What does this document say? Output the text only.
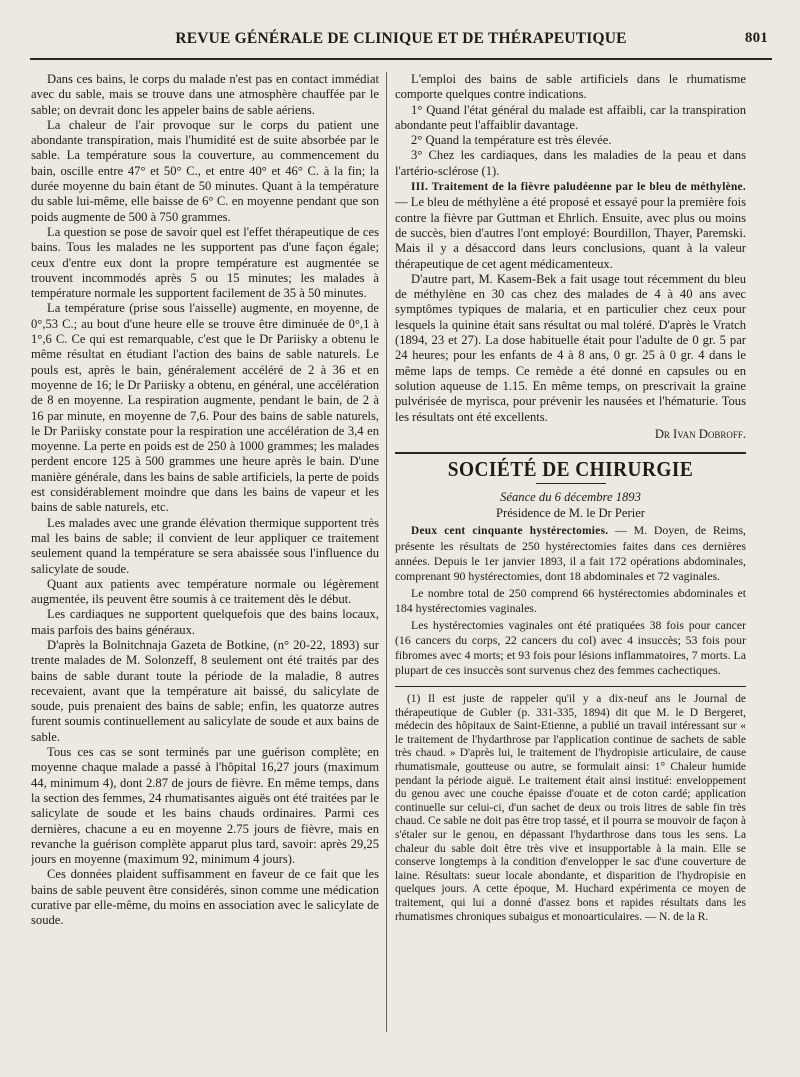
REVUE GÉNÉRALE DE CLINIQUE ET DE THÉRAPEUTIQUE	801

Dans ces bains, le corps du malade n'est pas en contact immédiat avec du sable, mais se trouve dans une atmosphère chauffée par le sable; on devrait donc les appeler bains de sable aériens.

La chaleur de l'air provoque sur le corps du patient une abondante transpiration, mais l'humidité est de suite absorbée par le sable. La température sous la couverture, au commencement du bain, oscille entre 47° et 50° C., et entre 40° et 46° C. à la fin; la durée moyenne du bain étant de 50 minutes. Quant à la température du sable lui-même, elle baisse de 6° C. en moyenne pendant que son poids augmente de 500 à 750 grammes.

La question se pose de savoir quel est l'effet thérapeutique de ces bains. Tous les malades ne les supportent pas d'une façon égale; ceux d'entre eux dont la propre température est augmentée se trouvent incommodés après 5 ou 15 minutes; les malades à température normale les supportent facilement de 35 à 50 minutes.

La température (prise sous l'aisselle) augmente, en moyenne, de 0°,53 C.; au bout d'une heure elle se trouve être diminuée de 0°,1 à 1°,6 C. Ce qui est remarquable, c'est que le Dr Pariisky a obtenu le même résultat en étudiant l'action des bains de sable naturels. Le pouls est, après le bain, généralement accéléré de 2 à 36 et en moyenne de 16; le Dr Pariisky a obtenu, en général, une accélération de 8 en moyenne. La respiration augmente, pendant le bain, de 2 à 16 par minute, en moyenne de 7,6. Pour des bains de sable naturels, le Dr Pariisky constate pour la respiration une accélération de 3,4 en moyenne. La perte en poids est de 250 à 1000 grammes; les malades perdent encore 125 à 500 grammes une heure après le bain. D'une manière générale, dans les bains de sable artificiels, la perte de poids est considérablement moindre que dans les bains de vapeur et les bains de sable naturels, etc.

Les malades avec une grande élévation thermique supportent très mal les bains de sable; il convient de leur appliquer ce traitement seulement quand la température se sera abaissée sous l'influence du salicylate de soude.

Quant aux patients avec température normale ou légèrement augmentée, ils peuvent être soumis à ce traitement dès le début.

Les cardiaques ne supportent quelquefois que des bains locaux, mais parfois des bains généraux.

D'après la Bolnitchnaja Gazeta de Botkine, (n° 20-22, 1893) sur trente malades de M. Solonzeff, 8 seulement ont été traités par des bains de sable durant toute la période de la maladie, 8 autres recevaient, avant que la température ait baissé, du salicylate de soude, puis prenaient des bains de sable; enfin, les quatorze autres furent soumis continuellement au salicylate de soude et aux bains de sable.

Tous ces cas se sont terminés par une guérison complète; en moyenne chaque malade a passé à l'hôpital 16,27 jours (maximum 44, minimum 4), dont 2.87 de jours de fièvre. En même temps, dans la section des femmes, 24 rhumatisantes aiguës ont été traitées par le salicylate de soude et les bains chauds ordinaires. Parmi ces dernières, chacune a eu en moyenne 2.75 jours de fièvre, mais en revanche la guérison complète apparut plus tard, savoir: après 29,25 jours en moyenne (maximum 92, minimum 4 jours).

Ces données plaident suffisamment en faveur de ce fait que les bains de sable peuvent être considérés, sinon comme une médication curative par elle-même, du moins en association avec le salicylate de soude.

L'emploi des bains de sable artificiels dans le rhumatisme comporte quelques contre indications.

1° Quand l'état général du malade est affaibli, car la transpiration abondante peut l'affaiblir davantage.

2° Quand la température est très élevée.

3° Chez les cardiaques, dans les maladies de la peau et dans l'artério-sclérose (1).

III. Traitement de la fièvre paludéenne par le bleu de méthylène. — Le bleu de méthylène a été proposé et essayé pour la première fois contre la fièvre par Guttman et Ehrlich. Ensuite, avec plus ou moins de succès, bien d'autres l'ont employé: Bourdillon, Thayer, Paremski. Mais il y a désaccord dans leurs conclusions, quant à la valeur thérapeutique de cet agent médicamenteux.

D'autre part, M. Kasem-Bek a fait usage tout récemment du bleu de méthylène en 30 cas chez des malades de 4 à 40 ans avec symptômes typiques de malaria, et en particulier chez ceux pour lesquels la quinine était sans résultat ou mal toléré. D'après le Vratch (1894, 23 et 27). La dose habituelle était pour l'adulte de 0 gr. 5 par 24 heures; pour les enfants de 4 à 8 ans, 0 gr. 25 à 0 gr. 4 dans le même laps de temps. Ce remède a été donné en capsules ou en solution aqueuse de 1.15. En même temps, on prescrivait la graine pulvérisée de myrisca, pour prévenir les nausées et l'hématurie. Tous les résultats ont été excellents.

Dr Ivan Dobroff.

SOCIÉTÉ DE CHIRURGIE

Séance du 6 décembre 1893

Présidence de M. le Dr Perier

Deux cent cinquante hystérectomies. — M. Doyen, de Reims, présente les résultats de 250 hystérectomies faites dans ces dernières années. Depuis le 1er janvier 1893, il a fait 172 opérations abdominales, comprenant 90 hystérectomies, dont 18 abdominales et 72 vaginales.

Le nombre total de 250 comprend 66 hystérectomies abdominales et 184 hystérectomies vaginales.

Les hystérectomies vaginales ont été pratiquées 38 fois pour cancer (16 cancers du corps, 22 cancers du col) avec 4 insuccès; 53 fois pour fibromes avec 4 morts; et 93 fois pour lésions inflammatoires, 7 morts. La plupart de ces insuccès sont survenus chez des femmes cachectiques.

(1) Il est juste de rappeler qu'il y a dix-neuf ans le Journal de thérapeutique de Gubler (p. 331-335, 1894) dit que M. le D Bergeret, médecin des hôpitaux de Saint-Etienne, a publié un travail intéressant sur « le traitement de l'hydarthrose par l'application continue de sachets de sable très chaud. » D'après lui, le traitement de l'hydropisie articulaire, de cause rhumatismale, goutteuse ou autre, se formulait ainsi: 1° Chaleur humide pendant la période aiguë. Le traitement était ainsi institué: enveloppement du genou avec une couche épaisse d'ouate et de coton cardé; application continuelle sur celui-ci, d'un sachet de deux ou trois litres de sable fin très chaud. Ce sable ne doit pas être trop tassé, et il pourra se mouvoir de façon à s'étaler sur le genou, en dépassant l'hydarthrose dans tous les sens. La chaleur du sable doit être très vive et insupportable à la main. Elle se conserve longtemps à la condition d'envelopper le sac d'une couverture de laine. Résultats: sueur locale abondante, et disparition de l'hydropisie en quelques jours. A cette époque, M. Huchard expérimenta ce moyen de traitement, qui lui a donné d'assez bons et rapides résultats dans les rhumatismes chroniques subaigus et monoarticulaires. — N. de la R.
